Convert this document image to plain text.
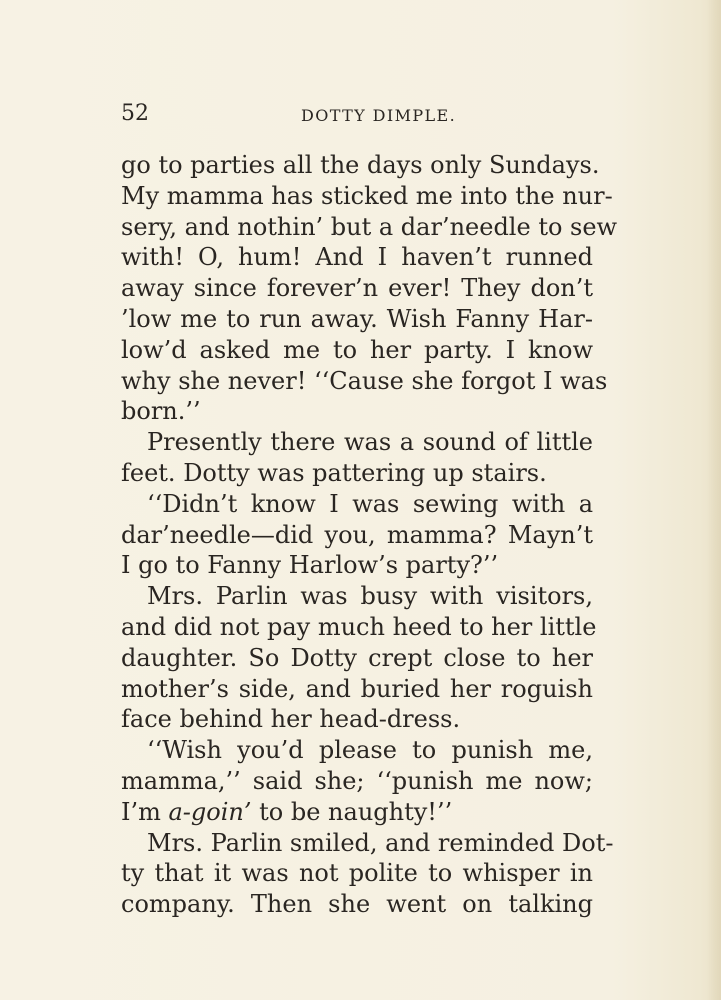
52	DOTTY DIMPLE.
go to parties all the days only Sundays.
My mamma has sticked me into the nur-
sery, and nothin’ but a dar’needle to sew
with! O, hum! And I haven’t runned
away since forever’n ever! They don’t
’low me to run away. Wish Fanny Har-
low’d asked me to her party. I know
why she never! ‘‘Cause she forgot I was
born.’’
Presently there was a sound of little
feet. Dotty was pattering up stairs.
‘‘Didn’t know I was sewing with a
dar’needle—did you, mamma? Mayn’t
I go to Fanny Harlow’s party?’’
Mrs. Parlin was busy with visitors,
and did not pay much heed to her little
daughter. So Dotty crept close to her
mother’s side, and buried her roguish
face behind her head-dress.
‘‘Wish you’d please to punish me,
mamma,’’ said she; ‘‘punish me now;
I’m a-goin’ to be naughty!’’
Mrs. Parlin smiled, and reminded Dot-
ty that it was not polite to whisper in
company. Then she went on talking
